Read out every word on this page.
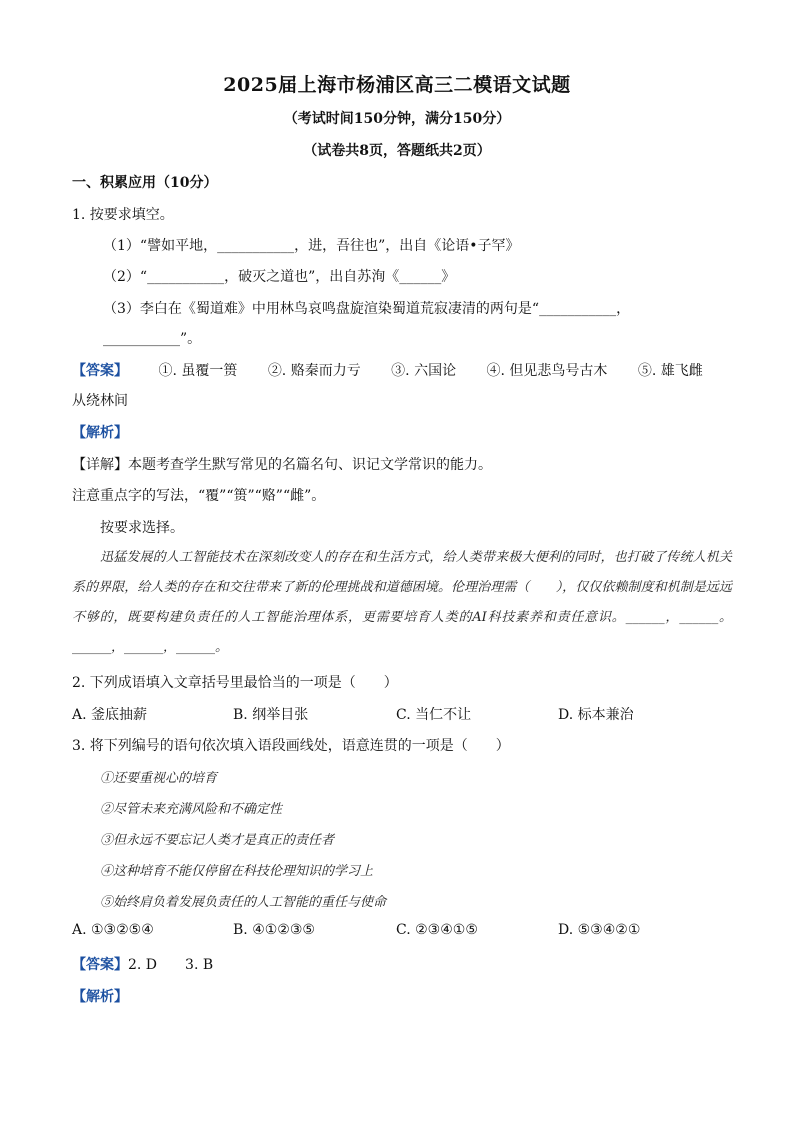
2025届上海市杨浦区高三二模语文试题
（考试时间150分钟，满分150分）
（试卷共8页，答题纸共2页）
一、积累应用（10分）
1. 按要求填空。
（1）“譬如平地，___________，进，吾往也”，出自《论语•子罕》
（2）“___________，破灭之道也”，出自苏洵《______》
（3）李白在《蜀道难》中用林鸟哀鸣盘旋渲染蜀道荒寂凄清的两句是“___________，
___________”。
【答案】 ①. 虽覆一篑 ②. 赂秦而力亏 ③. 六国论 ④. 但见悲鸟号古木 ⑤. 雄飞雌
从绕林间
【解析】
【详解】本题考查学生默写常见的名篇名句、识记文学常识的能力。
注意重点字的写法，“覆”“篑”“赂”“雌”。
按要求选择。

迅猛发展的人工智能技术在深刻改变人的存在和生活方式，给人类带来极大便利的同时，也打破了传统人机关系的界限，给人类的存在和交往带来了新的伦理挑战和道德困境。伦理治理需（　　），仅仅依赖制度和机制是远远不够的，既要构建负责任的人工智能治理体系，更需要培育人类的AI科技素养和责任意识。______，______。______，______，______。

2. 下列成语填入文章括号里最恰当的一项是（　　）
A. 釜底抽薪	B. 纲举目张	C. 当仁不让	D. 标本兼治
3. 将下列编号的语句依次填入语段画线处，语意连贯的一项是（　　）
①还要重视心的培育
②尽管未来充满风险和不确定性
③但永远不要忘记人类才是真正的责任者
④这种培育不能仅停留在科技伦理知识的学习上
⑤始终肩负着发展负责任的人工智能的重任与使命
A. ①③②⑤④	B. ④①②③⑤	C. ②③④①⑤	D. ⑤③④②①
【答案】2. D　　3. B
【解析】
